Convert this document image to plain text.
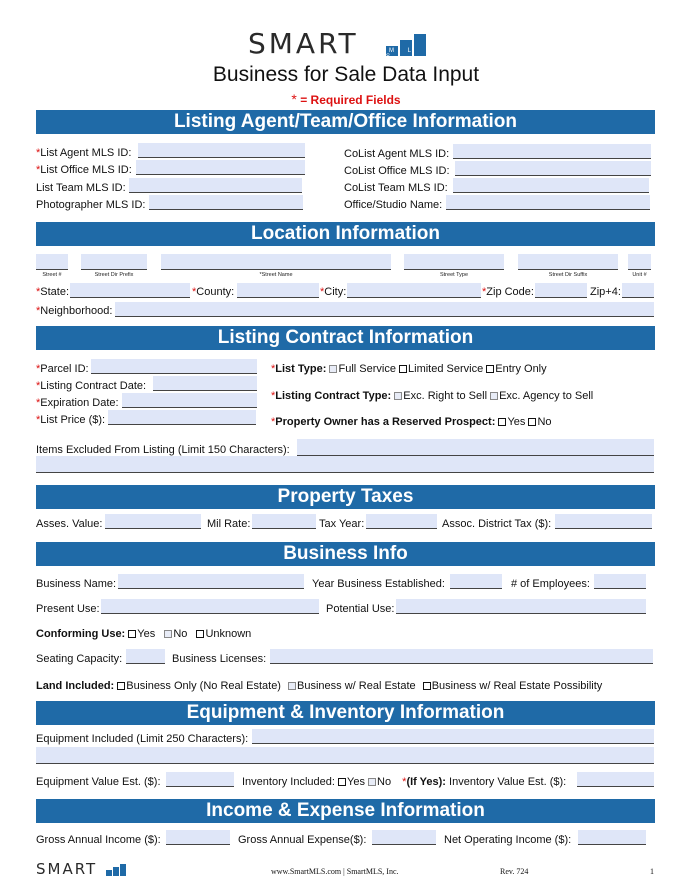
SMART	M L S
Business for Sale Data Input
* = Required Fields
Listing Agent/Team/Office Information
*List Agent MLS ID:
*List Office MLS ID:
List Team MLS ID:
Photographer MLS ID:
CoList Agent MLS ID:
CoList Office MLS ID:
CoList Team MLS ID:
Office/Studio Name:
Location Information
Street #	Street Dir Prefix	*Street Name	Street Type	Street Dir Suffix	Unit #
*State:	*County:	*City:	*Zip Code:	Zip+4:
*Neighborhood:
Listing Contract Information
*Parcel ID:
*Listing Contract Date:
*Expiration Date:
*List Price ($):
*List Type: Full Service Limited Service Entry Only
*Listing Contract Type: Exc. Right to Sell Exc. Agency to Sell
*Property Owner has a Reserved Prospect: Yes No
Items Excluded From Listing (Limit 150 Characters):
Property Taxes
Asses. Value:	Mil Rate:	Tax Year:	Assoc. District Tax ($):
Business Info
Business Name:	Year Business Established:	# of Employees:
Present Use:	Potential Use:
Conforming Use: Yes No Unknown
Seating Capacity:	Business Licenses:
Land Included: Business Only (No Real Estate) Business w/ Real Estate Business w/ Real Estate Possibility
Equipment & Inventory Information
Equipment Included (Limit 250 Characters):
Equipment Value Est. ($):	Inventory Included: Yes No *(If Yes): Inventory Value Est. ($):
Income & Expense Information
Gross Annual Income ($):	Gross Annual Expense($):	Net Operating Income ($):
SMART	www.SmartMLS.com | SmartMLS, Inc.	Rev. 724	1
